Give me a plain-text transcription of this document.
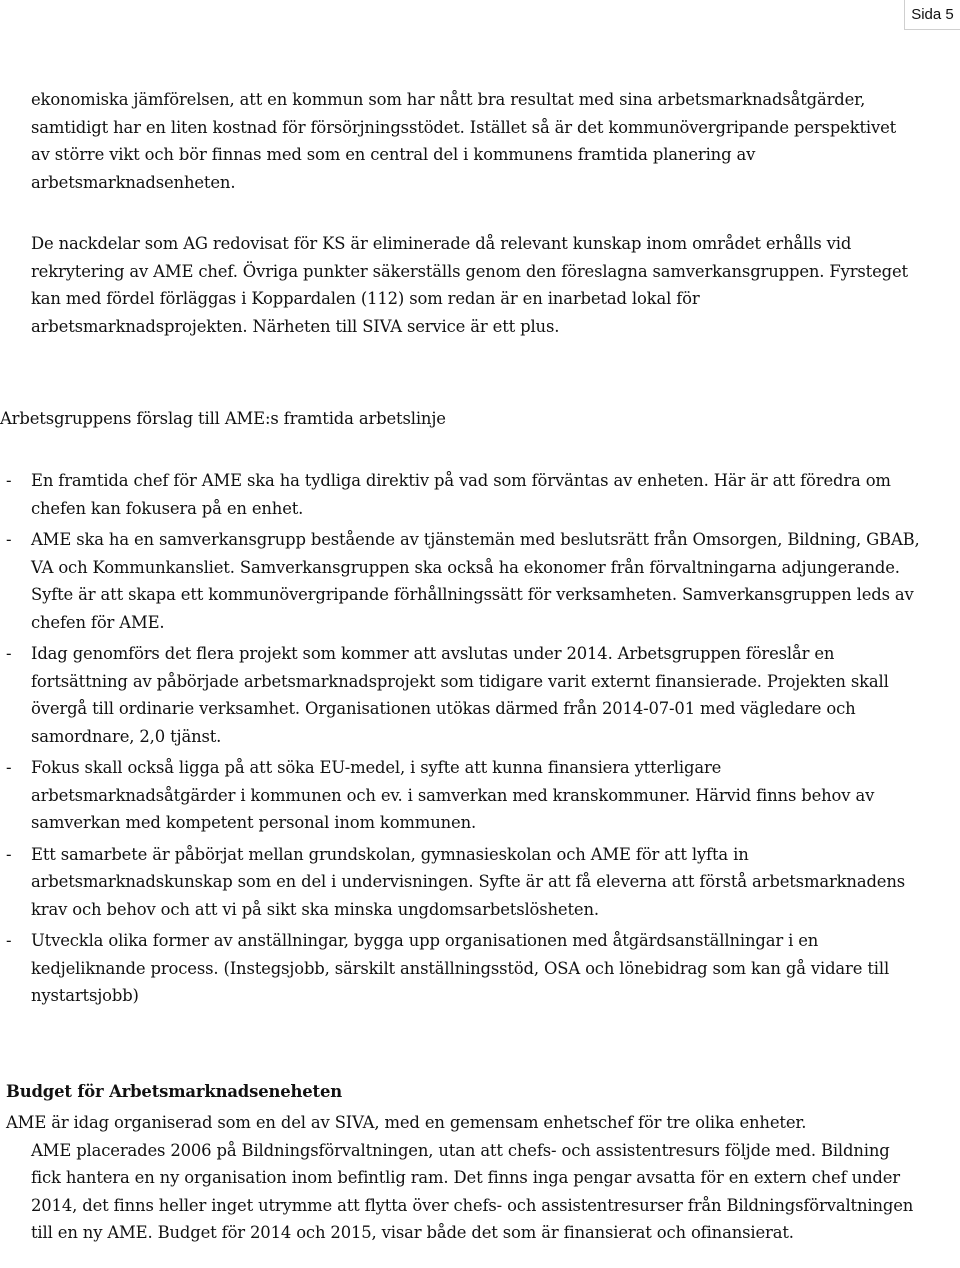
Sida 5
ekonomiska jämförelsen, att en kommun som har nått bra resultat med sina arbetsmarknadsåtgärder, samtidigt har en liten kostnad för försörjningsstödet. Istället så är det kommunövergripande perspektivet av större vikt och bör finnas med som en central del i kommunens framtida planering av arbetsmarknadsenheten.
De nackdelar som AG redovisat för KS är eliminerade då relevant kunskap inom området erhålls vid rekrytering av AME chef. Övriga punkter säkerställs genom den föreslagna samverkansgruppen. Fyrsteget kan med fördel förläggas i Koppardalen (112) som redan är en inarbetad lokal för arbetsmarknadsprojekten. Närheten till SIVA service är ett plus.
Arbetsgruppens förslag till AME:s framtida arbetslinje
- En framtida chef för AME ska ha tydliga direktiv på vad som förväntas av enheten. Här är att föredra om chefen kan fokusera på en enhet.
- AME ska ha en samverkansgrupp bestående av tjänstemän med beslutsrätt från Omsorgen, Bildning, GBAB, VA och Kommunkansliet. Samverkansgruppen ska också ha ekonomer från förvaltningarna adjungerande. Syfte är att skapa ett kommunövergripande förhållningssätt för verksamheten. Samverkansgruppen leds av chefen för AME.
- Idag genomförs det flera projekt som kommer att avslutas under 2014. Arbetsgruppen föreslår en fortsättning av påbörjade arbetsmarknadsprojekt som tidigare varit externt finansierade. Projekten skall övergå till ordinarie verksamhet. Organisationen utökas därmed från 2014-07-01 med vägledare och samordnare, 2,0 tjänst.
- Fokus skall också ligga på att söka EU-medel, i syfte att kunna finansiera ytterligare arbetsmarknadsåtgärder i kommunen och ev. i samverkan med kranskommuner. Härvid finns behov av samverkan med kompetent personal inom kommunen.
- Ett samarbete är påbörjat mellan grundskolan, gymnasieskolan och AME för att lyfta in arbetsmarknadskunskap som en del i undervisningen. Syfte är att få eleverna att förstå arbetsmarknadens krav och behov och att vi på sikt ska minska ungdomsarbetslösheten.
- Utveckla olika former av anställningar, bygga upp organisationen med åtgärdsanställningar i en kedjeliknande process. (Instegsjobb, särskilt anställningsstöd, OSA och lönebidrag som kan gå vidare till nystartsjobb)
Budget för Arbetsmarknadseneheten
AME är idag organiserad som en del av SIVA, med en gemensam enhetschef för tre olika enheter.
AME placerades 2006 på Bildningsförvaltningen, utan att chefs- och assistentresurs följde med. Bildning fick hantera en ny organisation inom befintlig ram. Det finns inga pengar avsatta för en extern chef under 2014, det finns heller inget utrymme att flytta över chefs- och assistentresurser från Bildningsförvaltningen till en ny AME. Budget för 2014 och 2015, visar både det som är finansierat och ofinansierat.
